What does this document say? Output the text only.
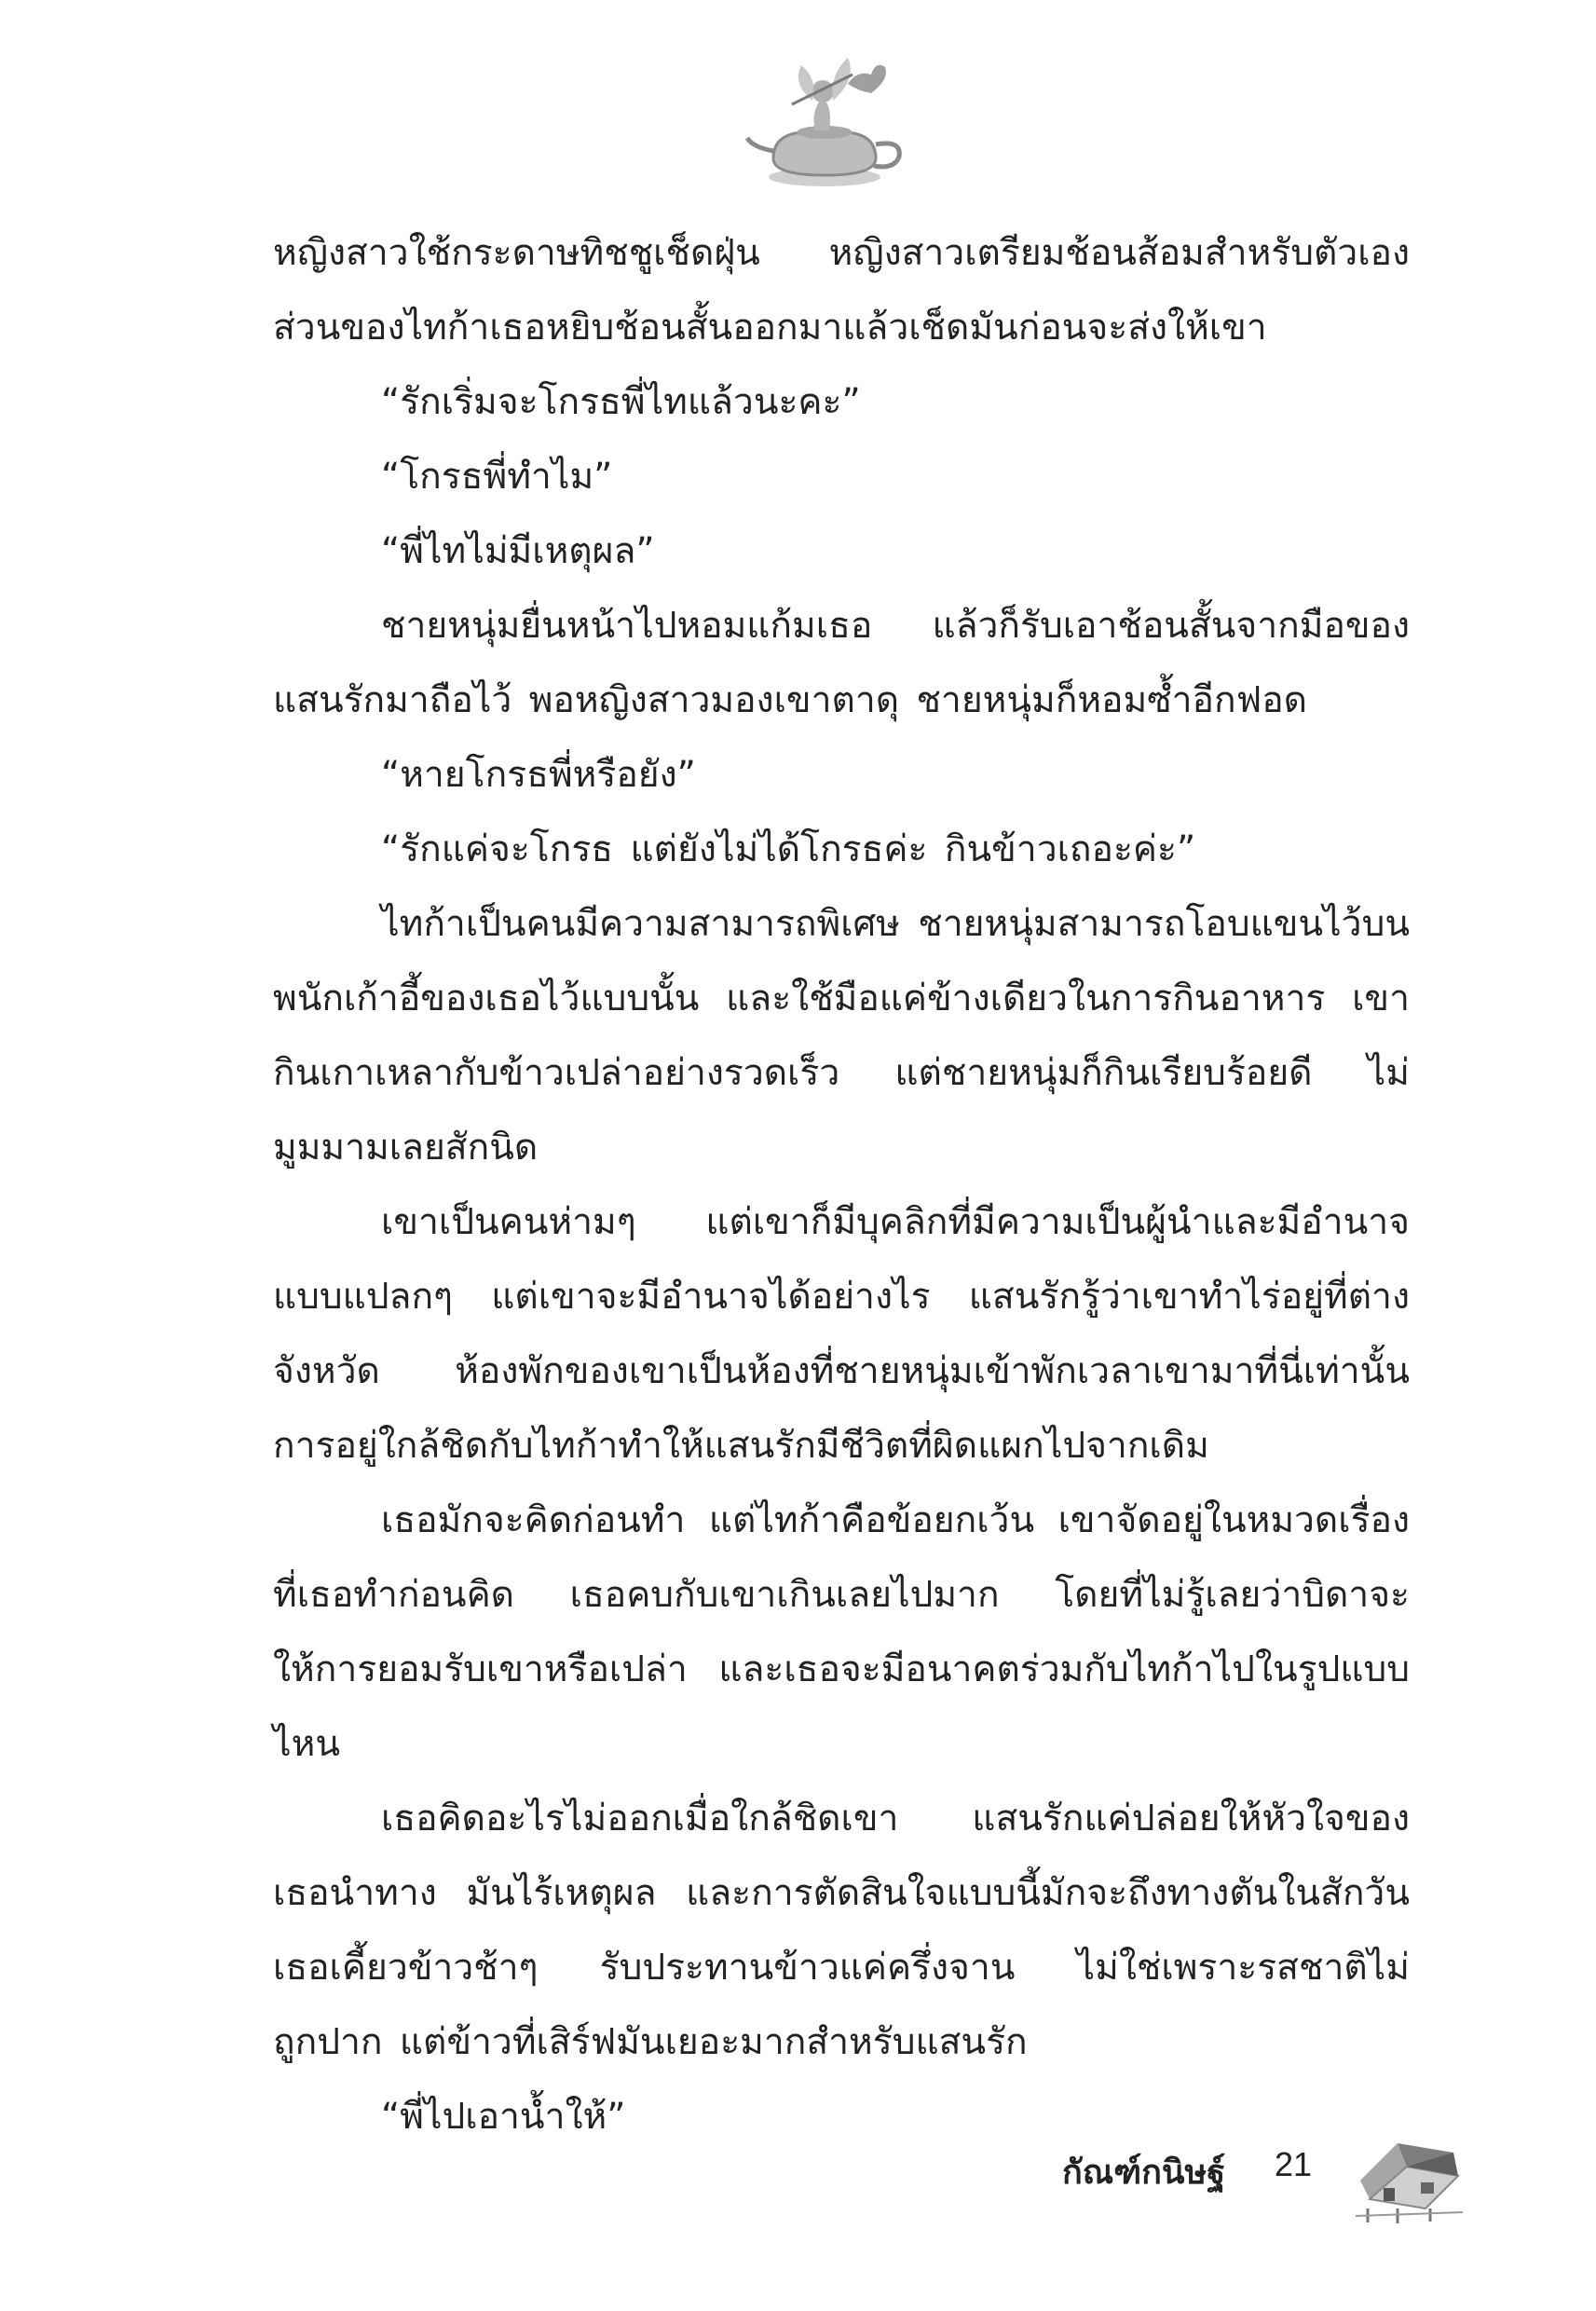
หญิงสาวใช้กระดาษทิชชูเช็ดฝุ่น หญิงสาวเตรียมช้อนส้อมสำหรับตัวเอง ส่วนของไทก้าเธอหยิบช้อนสั้นออกมาแล้วเช็ดมันก่อนจะส่งให้เขา

“รักเริ่มจะโกรธพี่ไทแล้วนะคะ”

“โกรธพี่ทำไม”

“พี่ไทไม่มีเหตุผล”

ชายหนุ่มยื่นหน้าไปหอมแก้มเธอ แล้วก็รับเอาช้อนสั้นจากมือของแสนรักมาถือไว้ พอหญิงสาวมองเขาตาดุ ชายหนุ่มก็หอมซ้ำอีกฟอด

“หายโกรธพี่หรือยัง”

“รักแค่จะโกรธ แต่ยังไม่ได้โกรธค่ะ กินข้าวเถอะค่ะ”

ไทก้าเป็นคนมีความสามารถพิเศษ ชายหนุ่มสามารถโอบแขนไว้บนพนักเก้าอี้ของเธอไว้แบบนั้น และใช้มือแค่ข้างเดียวในการกินอาหาร เขากินเกาเหลากับข้าวเปล่าอย่างรวดเร็ว แต่ชายหนุ่มก็กินเรียบร้อยดี ไม่มูมมามเลยสักนิด

เขาเป็นคนห่ามๆ แต่เขาก็มีบุคลิกที่มีความเป็นผู้นำและมีอำนาจ แบบแปลกๆ แต่เขาจะมีอำนาจได้อย่างไร แสนรักรู้ว่าเขาทำไร่อยู่ที่ต่างจังหวัด ห้องพักของเขาเป็นห้องที่ชายหนุ่มเข้าพักเวลาเขามาที่นี่เท่านั้น การอยู่ใกล้ชิดกับไทก้าทำให้แสนรักมีชีวิตที่ผิดแผกไปจากเดิม

เธอมักจะคิดก่อนทำ แต่ไทก้าคือข้อยกเว้น เขาจัดอยู่ในหมวดเรื่องที่เธอทำก่อนคิด เธอคบกับเขาเกินเลยไปมาก โดยที่ไม่รู้เลยว่าบิดาจะให้การยอมรับเขาหรือเปล่า และเธอจะมีอนาคตร่วมกับไทก้าไปในรูปแบบไหน

เธอคิดอะไรไม่ออกเมื่อใกล้ชิดเขา แสนรักแค่ปล่อยให้หัวใจของเธอนำทาง มันไร้เหตุผล และการตัดสินใจแบบนี้มักจะถึงทางตันในสักวัน เธอเคี้ยวข้าวช้าๆ รับประทานข้าวแค่ครึ่งจาน ไม่ใช่เพราะรสชาติไม่ถูกปาก แต่ข้าวที่เสิร์ฟมันเยอะมากสำหรับแสนรัก

“พี่ไปเอาน้ำให้”

กัณฑ์กนิษฐ์ 21
